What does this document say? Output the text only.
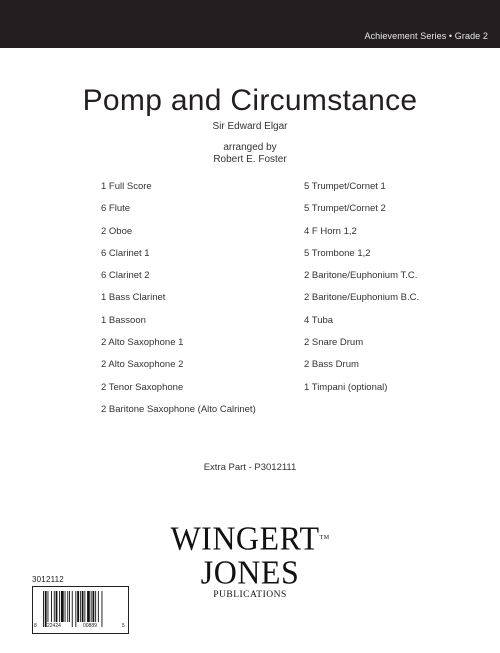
Achievement Series • Grade 2
Pomp and Circumstance
Sir Edward Elgar
arranged by
Robert E. Foster
1 Full Score
6 Flute
2 Oboe
6 Clarinet 1
6 Clarinet 2
1 Bass Clarinet
1 Bassoon
2 Alto Saxophone 1
2 Alto Saxophone 2
2 Tenor Saxophone
2 Baritone Saxophone (Alto Calrinet)
5 Trumpet/Cornet 1
5 Trumpet/Cornet 2
4 F Horn 1,2
5 Trombone 1,2
2 Baritone/Euphonium T.C.
2 Baritone/Euphonium B.C.
4 Tuba
2 Snare Drum
2 Bass Drum
1 Timpani (optional)
Extra Part - P3012111
WINGERT™
JONES
PUBLICATIONS
3012112
8 22424	00889	5
